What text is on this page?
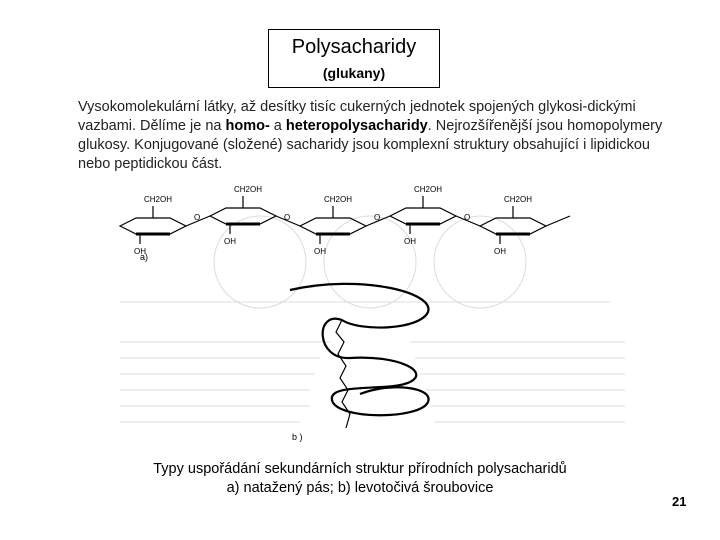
Polysacharidy
(glukany)
Vysokomolekulární látky, až desítky tisíc cukerných jednotek spojených glykosi-dickými vazbami. Dělíme je na homo- a heteropolysacharidy. Nejrozšířenější jsou homopolymery glukosy. Konjugované (složené) sacharidy jsou komplexní struktury obsahující i lipidickou nebo peptidickou část.
CH2OH
CH2OH
CH2OH
CH2OH
CH2OH
O	O	O	O
OH
OH
OH
OH
OH
a)
b )
Typy uspořádání sekundárních struktur přírodních polysacharidů
a) natažený pás; b) levotočivá šroubovice
21
